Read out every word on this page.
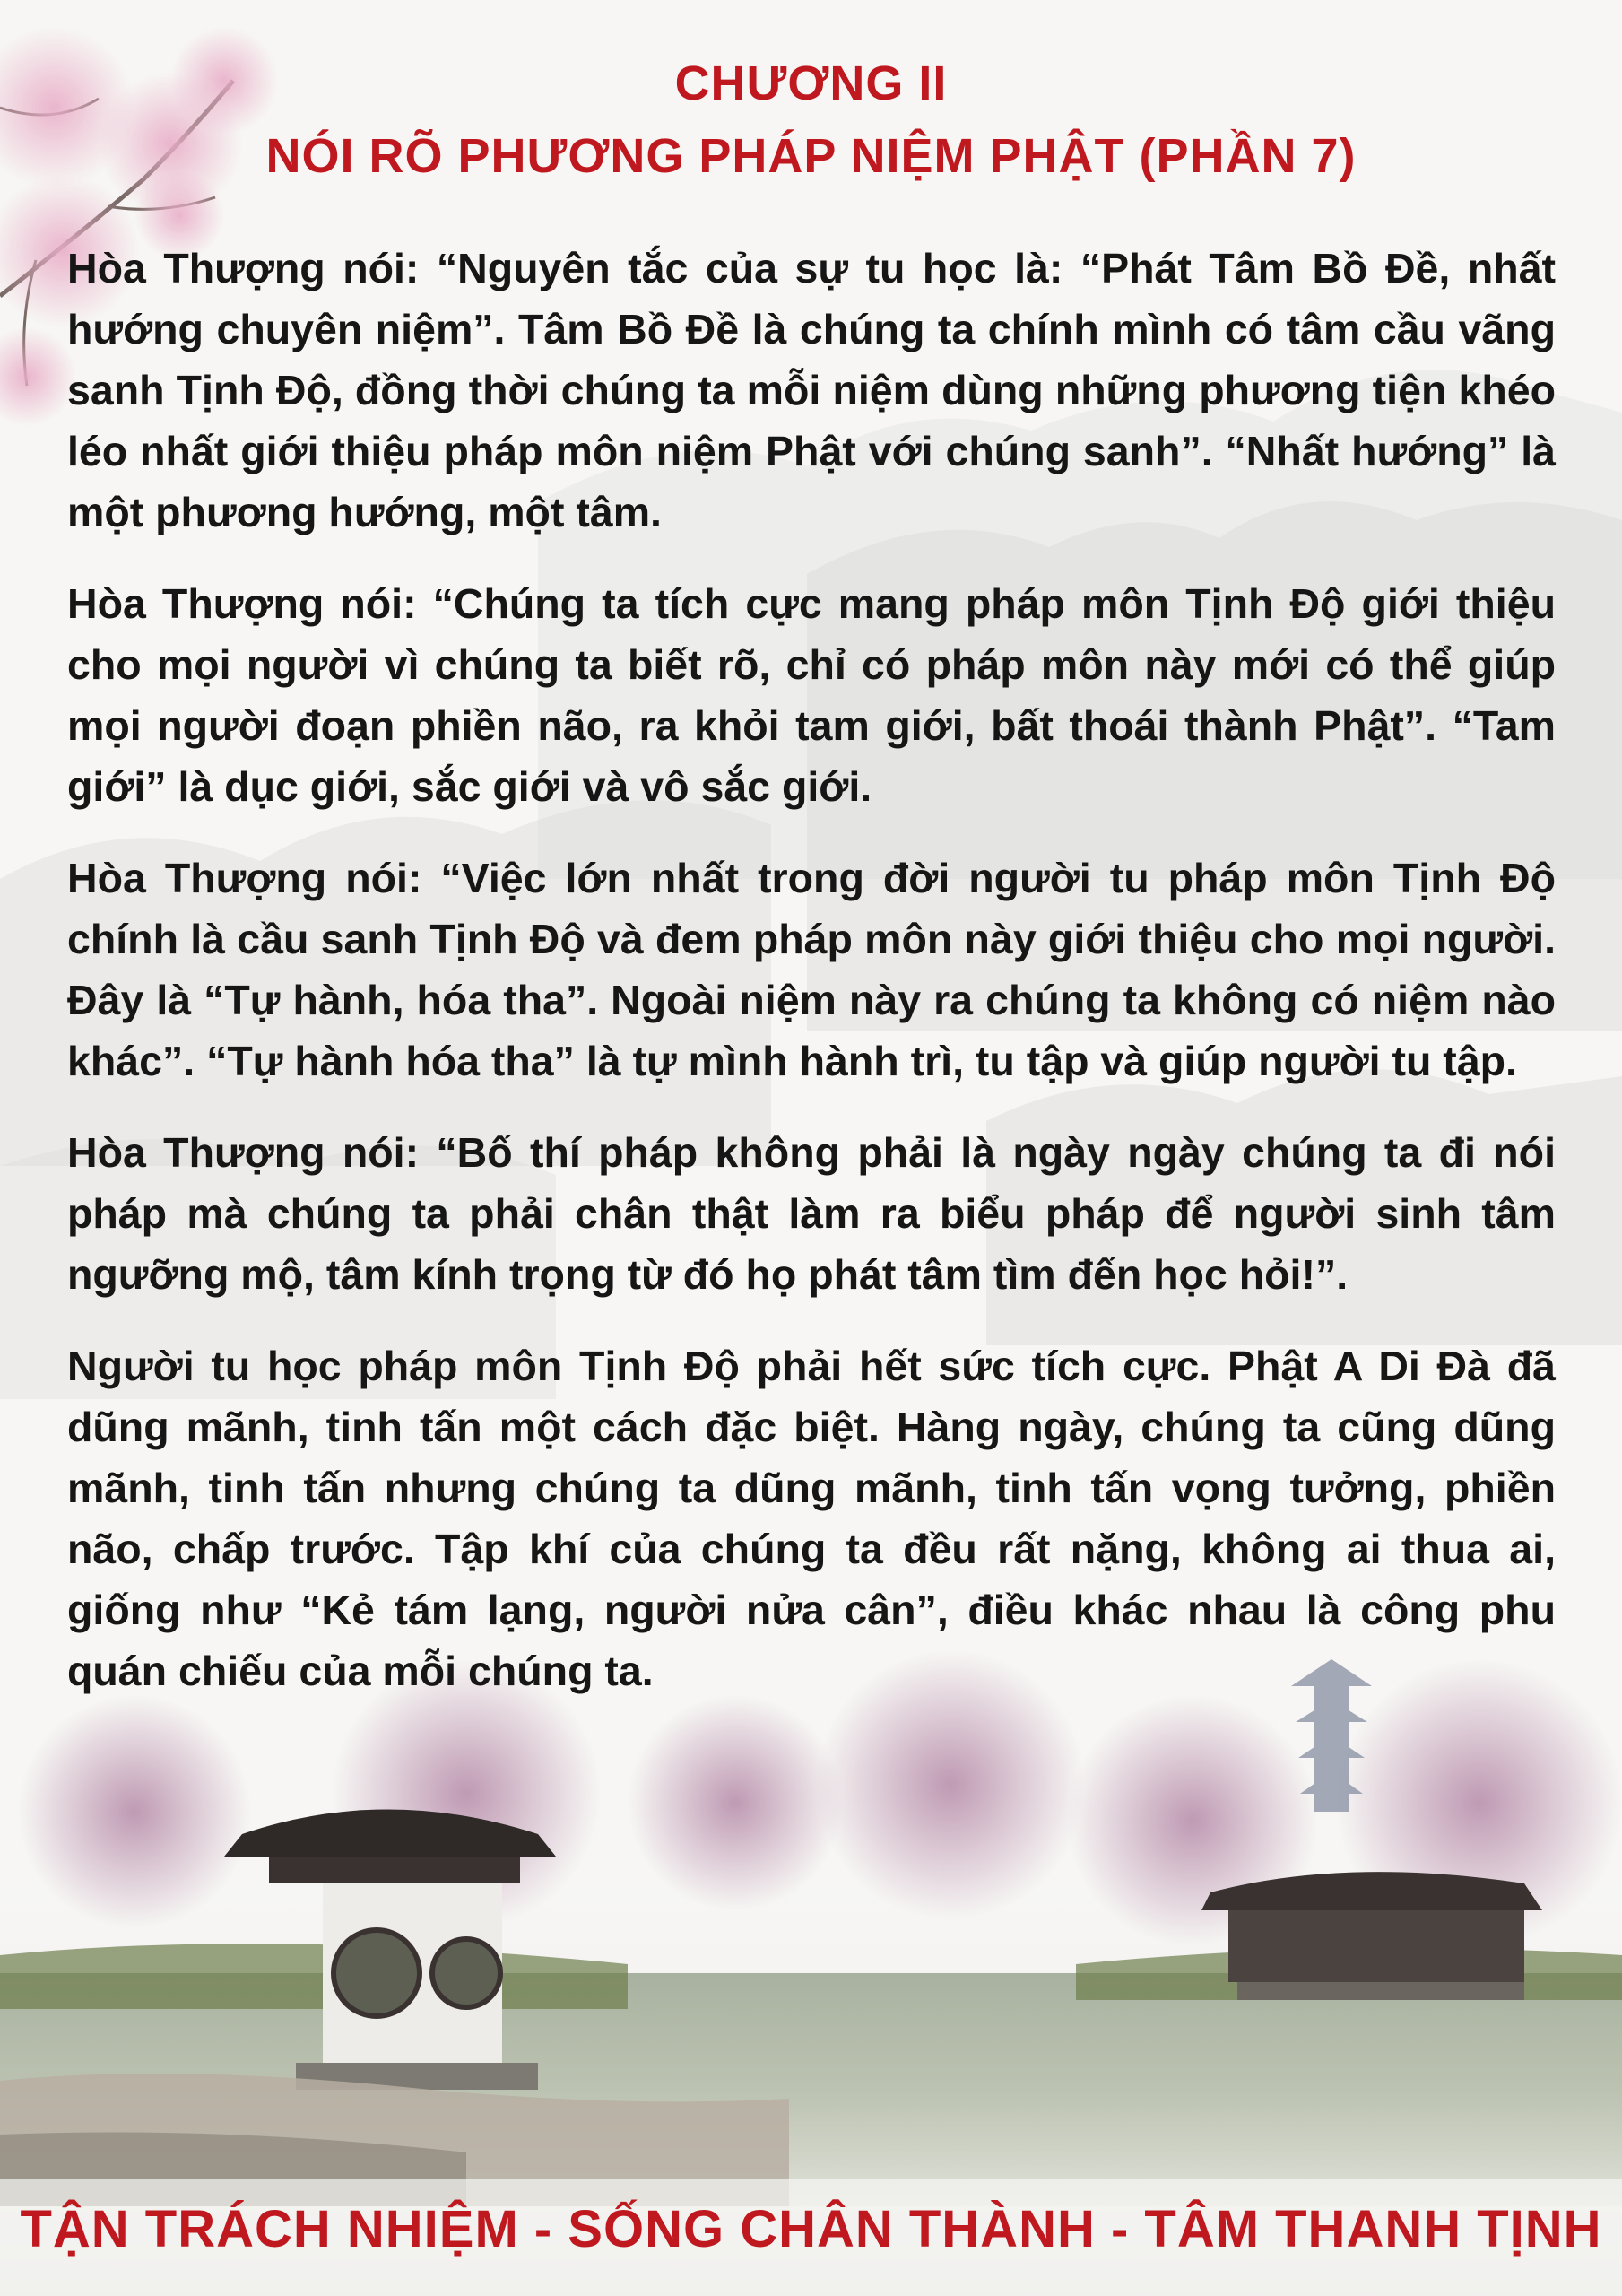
CHƯƠNG II
NÓI RÕ PHƯƠNG PHÁP NIỆM PHẬT (PHẦN 7)

Hòa Thượng nói: “Nguyên tắc của sự tu học là: “Phát Tâm Bồ Đề, nhất hướng chuyên niệm”. Tâm Bồ Đề là chúng ta chính mình có tâm cầu vãng sanh Tịnh Độ, đồng thời chúng ta mỗi niệm dùng những phương tiện khéo léo nhất giới thiệu pháp môn niệm Phật với chúng sanh”. “Nhất hướng” là một phương hướng, một tâm.

Hòa Thượng nói: “Chúng ta tích cực mang pháp môn Tịnh Độ giới thiệu cho mọi người vì chúng ta biết rõ, chỉ có pháp môn này mới có thể giúp mọi người đoạn phiền não, ra khỏi tam giới, bất thoái thành Phật”. “Tam giới” là dục giới, sắc giới và vô sắc giới.

Hòa Thượng nói: “Việc lớn nhất trong đời người tu pháp môn Tịnh Độ chính là cầu sanh Tịnh Độ và đem pháp môn này giới thiệu cho mọi người. Đây là “Tự hành, hóa tha”. Ngoài niệm này ra chúng ta không có niệm nào khác”. “Tự hành hóa tha” là tự mình hành trì, tu tập và giúp người tu tập.

Hòa Thượng nói: “Bố thí pháp không phải là ngày ngày chúng ta đi nói pháp mà chúng ta phải chân thật làm ra biểu pháp để người sinh tâm ngưỡng mộ, tâm kính trọng từ đó họ phát tâm tìm đến học hỏi!”.

Người tu học pháp môn Tịnh Độ phải hết sức tích cực. Phật A Di Đà đã dũng mãnh, tinh tấn một cách đặc biệt. Hàng ngày, chúng ta cũng dũng mãnh, tinh tấn nhưng chúng ta dũng mãnh, tinh tấn vọng tưởng, phiền não, chấp trước. Tập khí của chúng ta đều rất nặng, không ai thua ai, giống như “Kẻ tám lạng, người nửa cân”, điều khác nhau là công phu quán chiếu của mỗi chúng ta.

TẬN TRÁCH NHIỆM - SỐNG CHÂN THÀNH - TÂM THANH TỊNH
